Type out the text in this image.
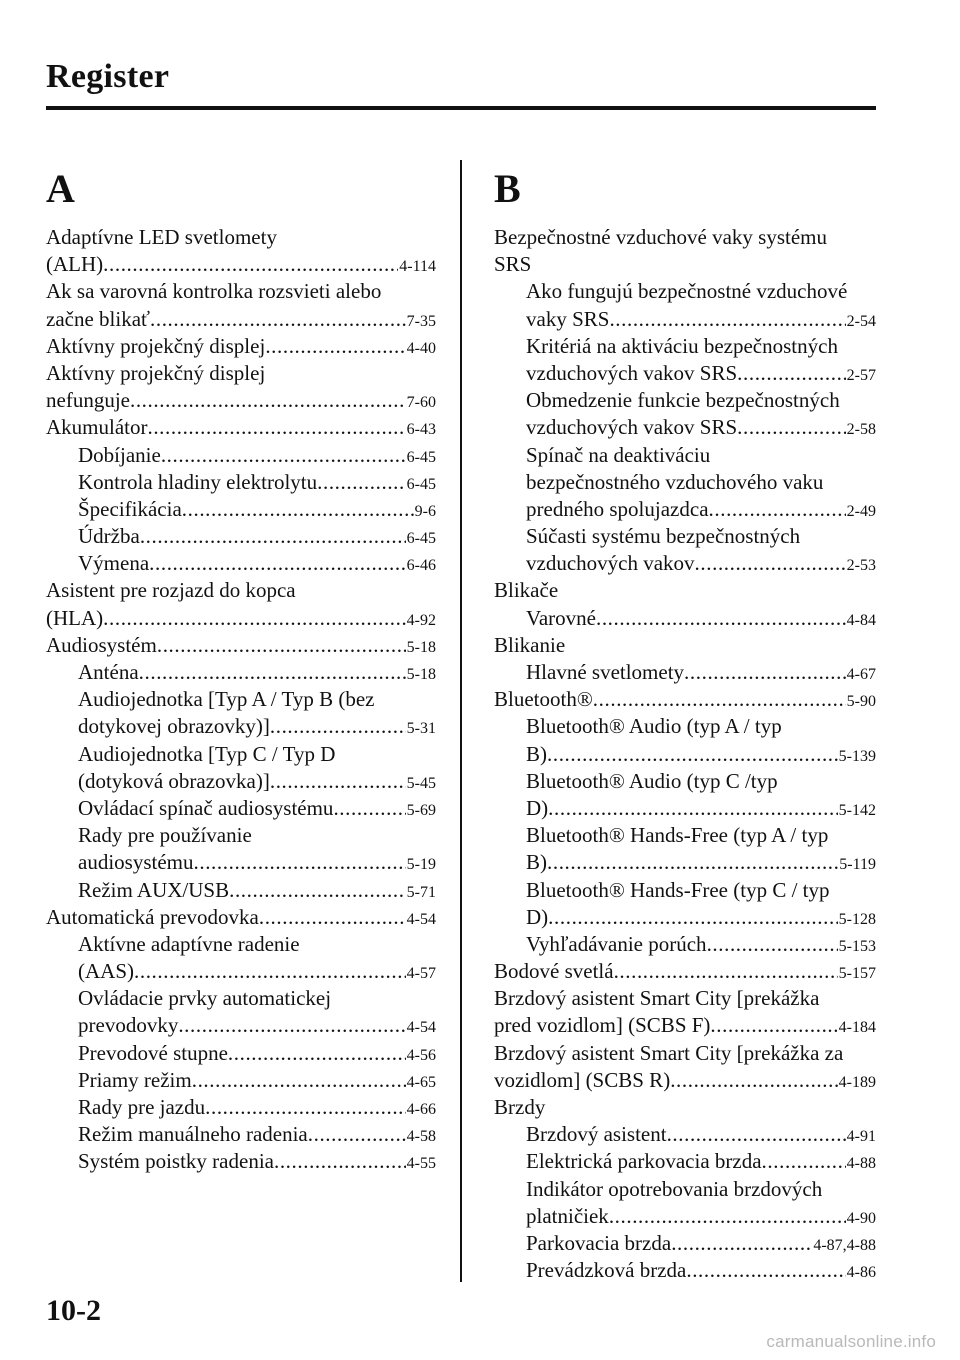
Register
A
Adaptívne LED svetlomety
(ALH) .....	4-114
Ak sa varovná kontrolka rozsvieti alebo
začne blikať .....	7-35
Aktívny projekčný displej .....	4-40
Aktívny projekčný displej
nefunguje .....	7-60
Akumulátor .....	6-43
Dobíjanie .....	6-45
Kontrola hladiny elektrolytu .....	6-45
Špecifikácia .....	9-6
Údržba .....	6-45
Výmena .....	6-46
Asistent pre rozjazd do kopca
(HLA) .....	4-92
Audiosystém .....	5-18
Anténa .....	5-18
Audiojednotka [Typ A / Typ B (bez
dotykovej obrazovky)] .....	5-31
Audiojednotka [Typ C / Typ D
(dotyková obrazovka)] .....	5-45
Ovládací spínač audiosystému .....	5-69
Rady pre používanie
audiosystému .....	5-19
Režim AUX/USB .....	5-71
Automatická prevodovka .....	4-54
Aktívne adaptívne radenie
(AAS) .....	4-57
Ovládacie prvky automatickej
prevodovky .....	4-54
Prevodové stupne .....	4-56
Priamy režim .....	4-65
Rady pre jazdu .....	4-66
Režim manuálneho radenia .....	4-58
Systém poistky radenia .....	4-55
B
Bezpečnostné vzduchové vaky systému
SRS
Ako fungujú bezpečnostné vzduchové
vaky SRS .....	2-54
Kritériá na aktiváciu bezpečnostných
vzduchových vakov SRS .....	2-57
Obmedzenie funkcie bezpečnostných
vzduchových vakov SRS .....	2-58
Spínač na deaktiváciu
bezpečnostného vzduchového vaku
predného spolujazdca .....	2-49
Súčasti systému bezpečnostných
vzduchových vakov .....	2-53
Blikače
Varovné .....	4-84
Blikanie
Hlavné svetlomety .....	4-67
Bluetooth® .....	5-90
Bluetooth® Audio (typ A / typ
B) .....	5-139
Bluetooth® Audio (typ C /typ
D) .....	5-142
Bluetooth® Hands-Free (typ A / typ
B) .....	5-119
Bluetooth® Hands-Free (typ C / typ
D) .....	5-128
Vyhľadávanie porúch .....	5-153
Bodové svetlá .....	5-157
Brzdový asistent Smart City [prekážka
pred vozidlom] (SCBS F) .....	4-184
Brzdový asistent Smart City [prekážka za
vozidlom] (SCBS R) .....	4-189
Brzdy
Brzdový asistent .....	4-91
Elektrická parkovacia brzda .....	4-88
Indikátor opotrebovania brzdových
platničiek .....	4-90
Parkovacia brzda .....	4-87,4-88
Prevádzková brzda .....	4-86
10-2
carmanualsonline.info
